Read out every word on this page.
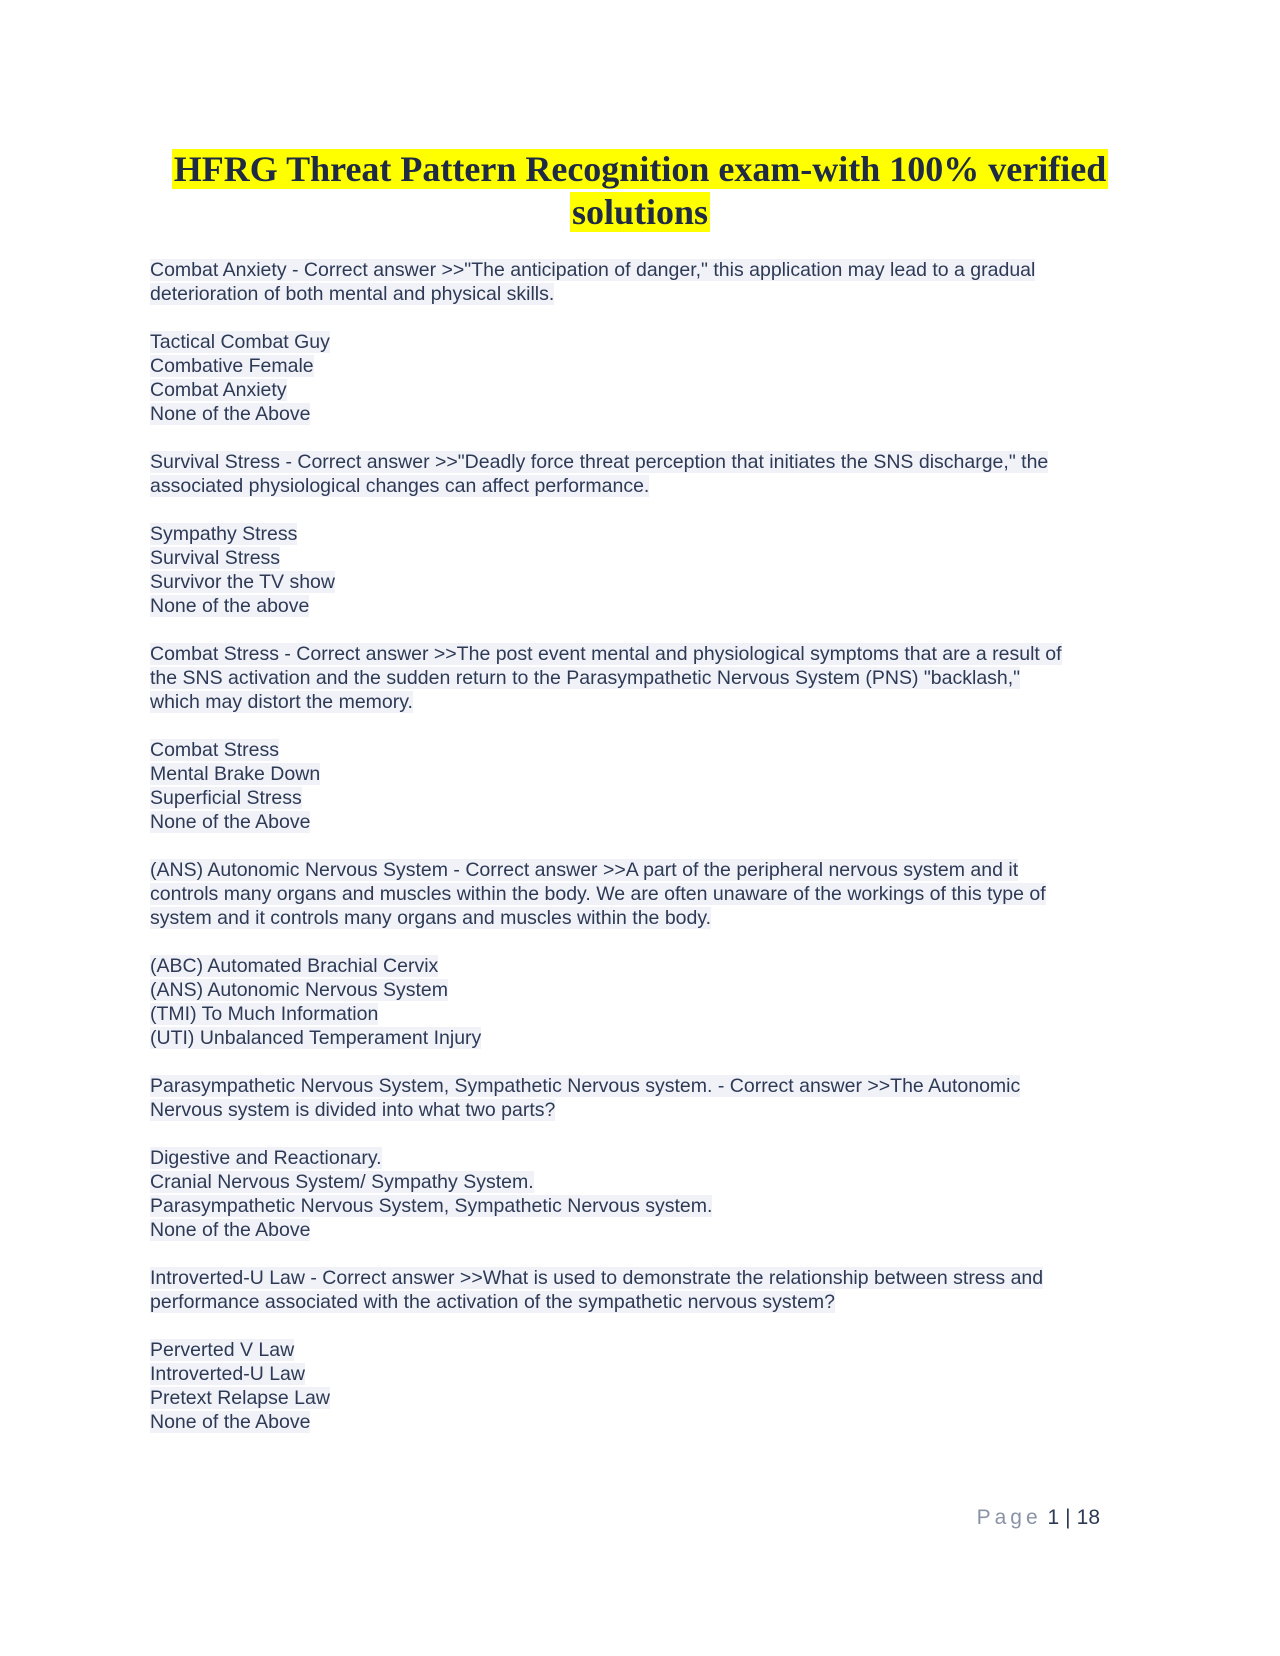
HFRG Threat Pattern Recognition exam-with 100% verified
solutions
Combat Anxiety - Correct answer >>"The anticipation of danger," this application may lead to a gradual
deterioration of both mental and physical skills.
Tactical Combat Guy
Combative Female
Combat Anxiety
None of the Above
Survival Stress - Correct answer >>"Deadly force threat perception that initiates the SNS discharge," the
associated physiological changes can affect performance.
Sympathy Stress
Survival Stress
Survivor the TV show
None of the above
Combat Stress - Correct answer >>The post event mental and physiological symptoms that are a result of
the SNS activation and the sudden return to the Parasympathetic Nervous System (PNS) "backlash,"
which may distort the memory.
Combat Stress
Mental Brake Down
Superficial Stress
None of the Above
(ANS) Autonomic Nervous System - Correct answer >>A part of the peripheral nervous system and it
controls many organs and muscles within the body. We are often unaware of the workings of this type of
system and it controls many organs and muscles within the body.
(ABC) Automated Brachial Cervix
(ANS) Autonomic Nervous System
(TMI) To Much Information
(UTI) Unbalanced Temperament Injury
Parasympathetic Nervous System, Sympathetic Nervous system. - Correct answer >>The Autonomic
Nervous system is divided into what two parts?
Digestive and Reactionary.
Cranial Nervous System/ Sympathy System.
Parasympathetic Nervous System, Sympathetic Nervous system.
None of the Above
Introverted-U Law - Correct answer >>What is used to demonstrate the relationship between stress and
performance associated with the activation of the sympathetic nervous system?
Perverted V Law
Introverted-U Law
Pretext Relapse Law
None of the Above
Page 1 | 18
